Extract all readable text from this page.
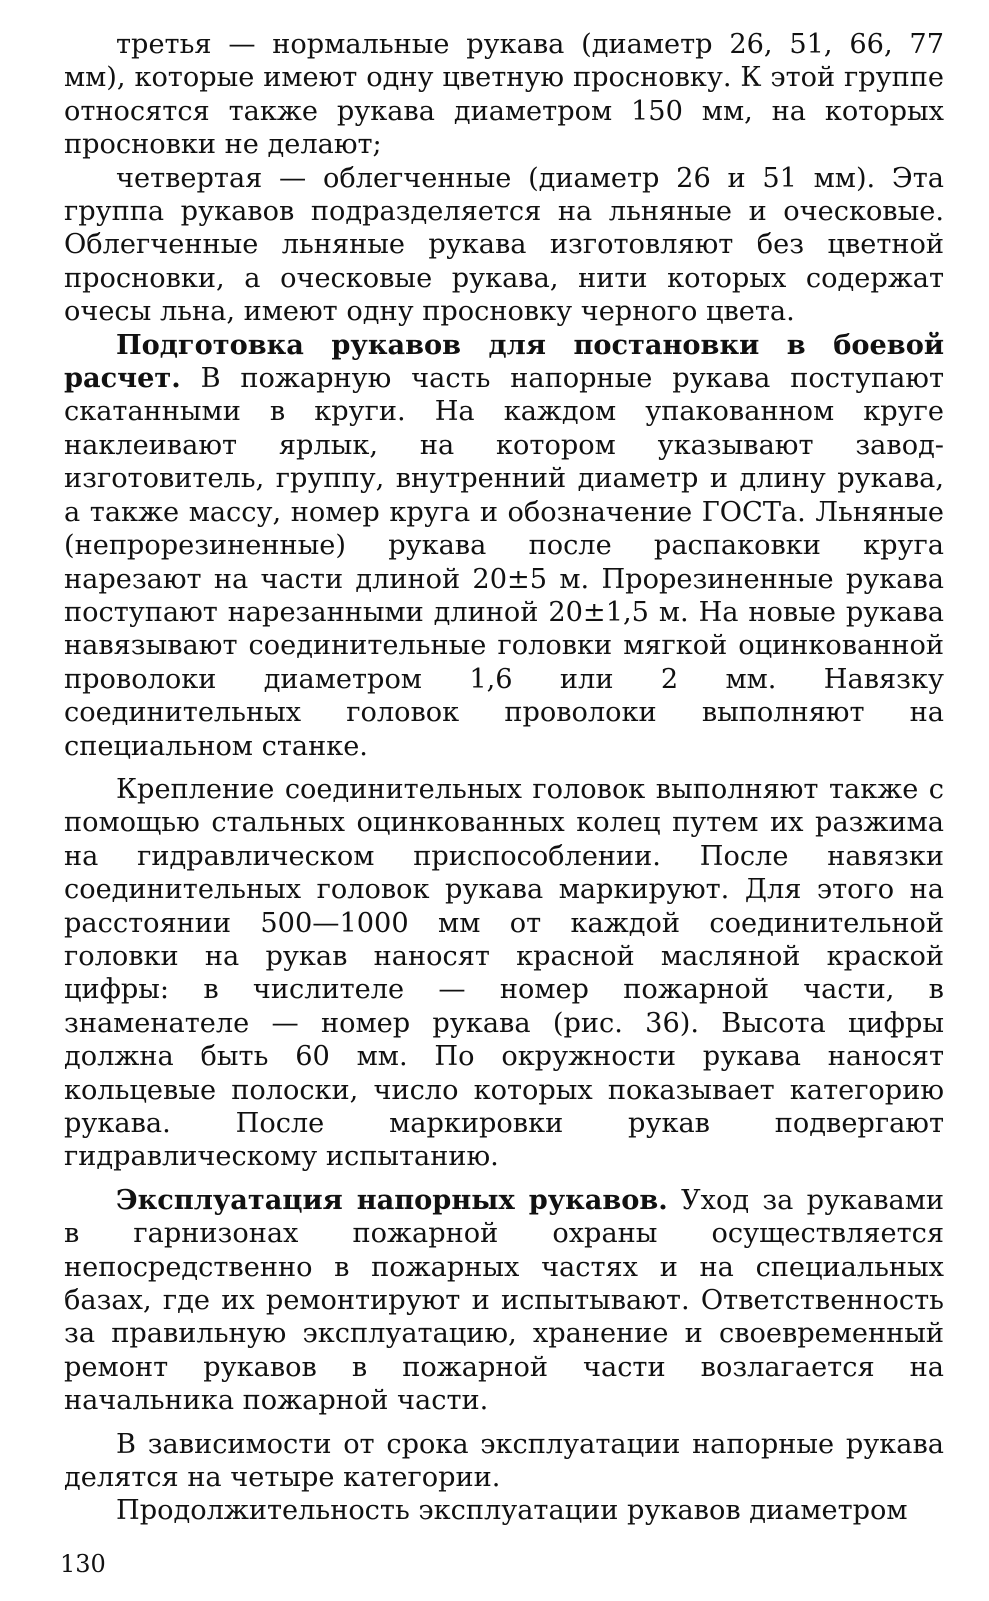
третья — нормальные рукава (диаметр 26, 51, 66, 77 мм), которые имеют одну цветную просновку. К этой группе относятся также рукава диаметром 150 мм, на которых просновки не делают;

четвертая — облегченные (диаметр 26 и 51 мм). Эта группа рукавов подразделяется на льняные и оческовые. Облегченные льняные рукава изготовляют без цветной просновки, а оческовые рукава, нити которых содержат очесы льна, имеют одну просновку черного цвета.

Подготовка рукавов для постановки в боевой расчет. В пожарную часть напорные рукава поступают скатанными в круги. На каждом упакованном круге наклеивают ярлык, на котором указывают завод-изготовитель, группу, внутренний диаметр и длину рукава, а также массу, номер круга и обозначение ГОСТа. Льняные (непрорезиненные) рукава после распаковки круга нарезают на части длиной 20±5 м. Прорезиненные рукава поступают нарезанными длиной 20±1,5 м. На новые рукава навязывают соединительные головки мягкой оцинкованной проволоки диаметром 1,6 или 2 мм. Навязку соединительных головок проволоки выполняют на специальном станке.

Крепление соединительных головок выполняют также с помощью стальных оцинкованных колец путем их разжима на гидравлическом приспособлении. После навязки соединительных головок рукава маркируют. Для этого на расстоянии 500—1000 мм от каждой соединительной головки на рукав наносят красной масляной краской цифры: в числителе — номер пожарной части, в знаменателе — номер рукава (рис. 36). Высота цифры должна быть 60 мм. По окружности рукава наносят кольцевые полоски, число которых показывает категорию рукава. После маркировки рукав подвергают гидравлическому испытанию.

Эксплуатация напорных рукавов. Уход за рукавами в гарнизонах пожарной охраны осуществляется непосредственно в пожарных частях и на специальных базах, где их ремонтируют и испытывают. Ответственность за правильную эксплуатацию, хранение и своевременный ремонт рукавов в пожарной части возлагается на начальника пожарной части.

В зависимости от срока эксплуатации напорные рукава делятся на четыре категории.

Продолжительность эксплуатации рукавов диаметром

130
